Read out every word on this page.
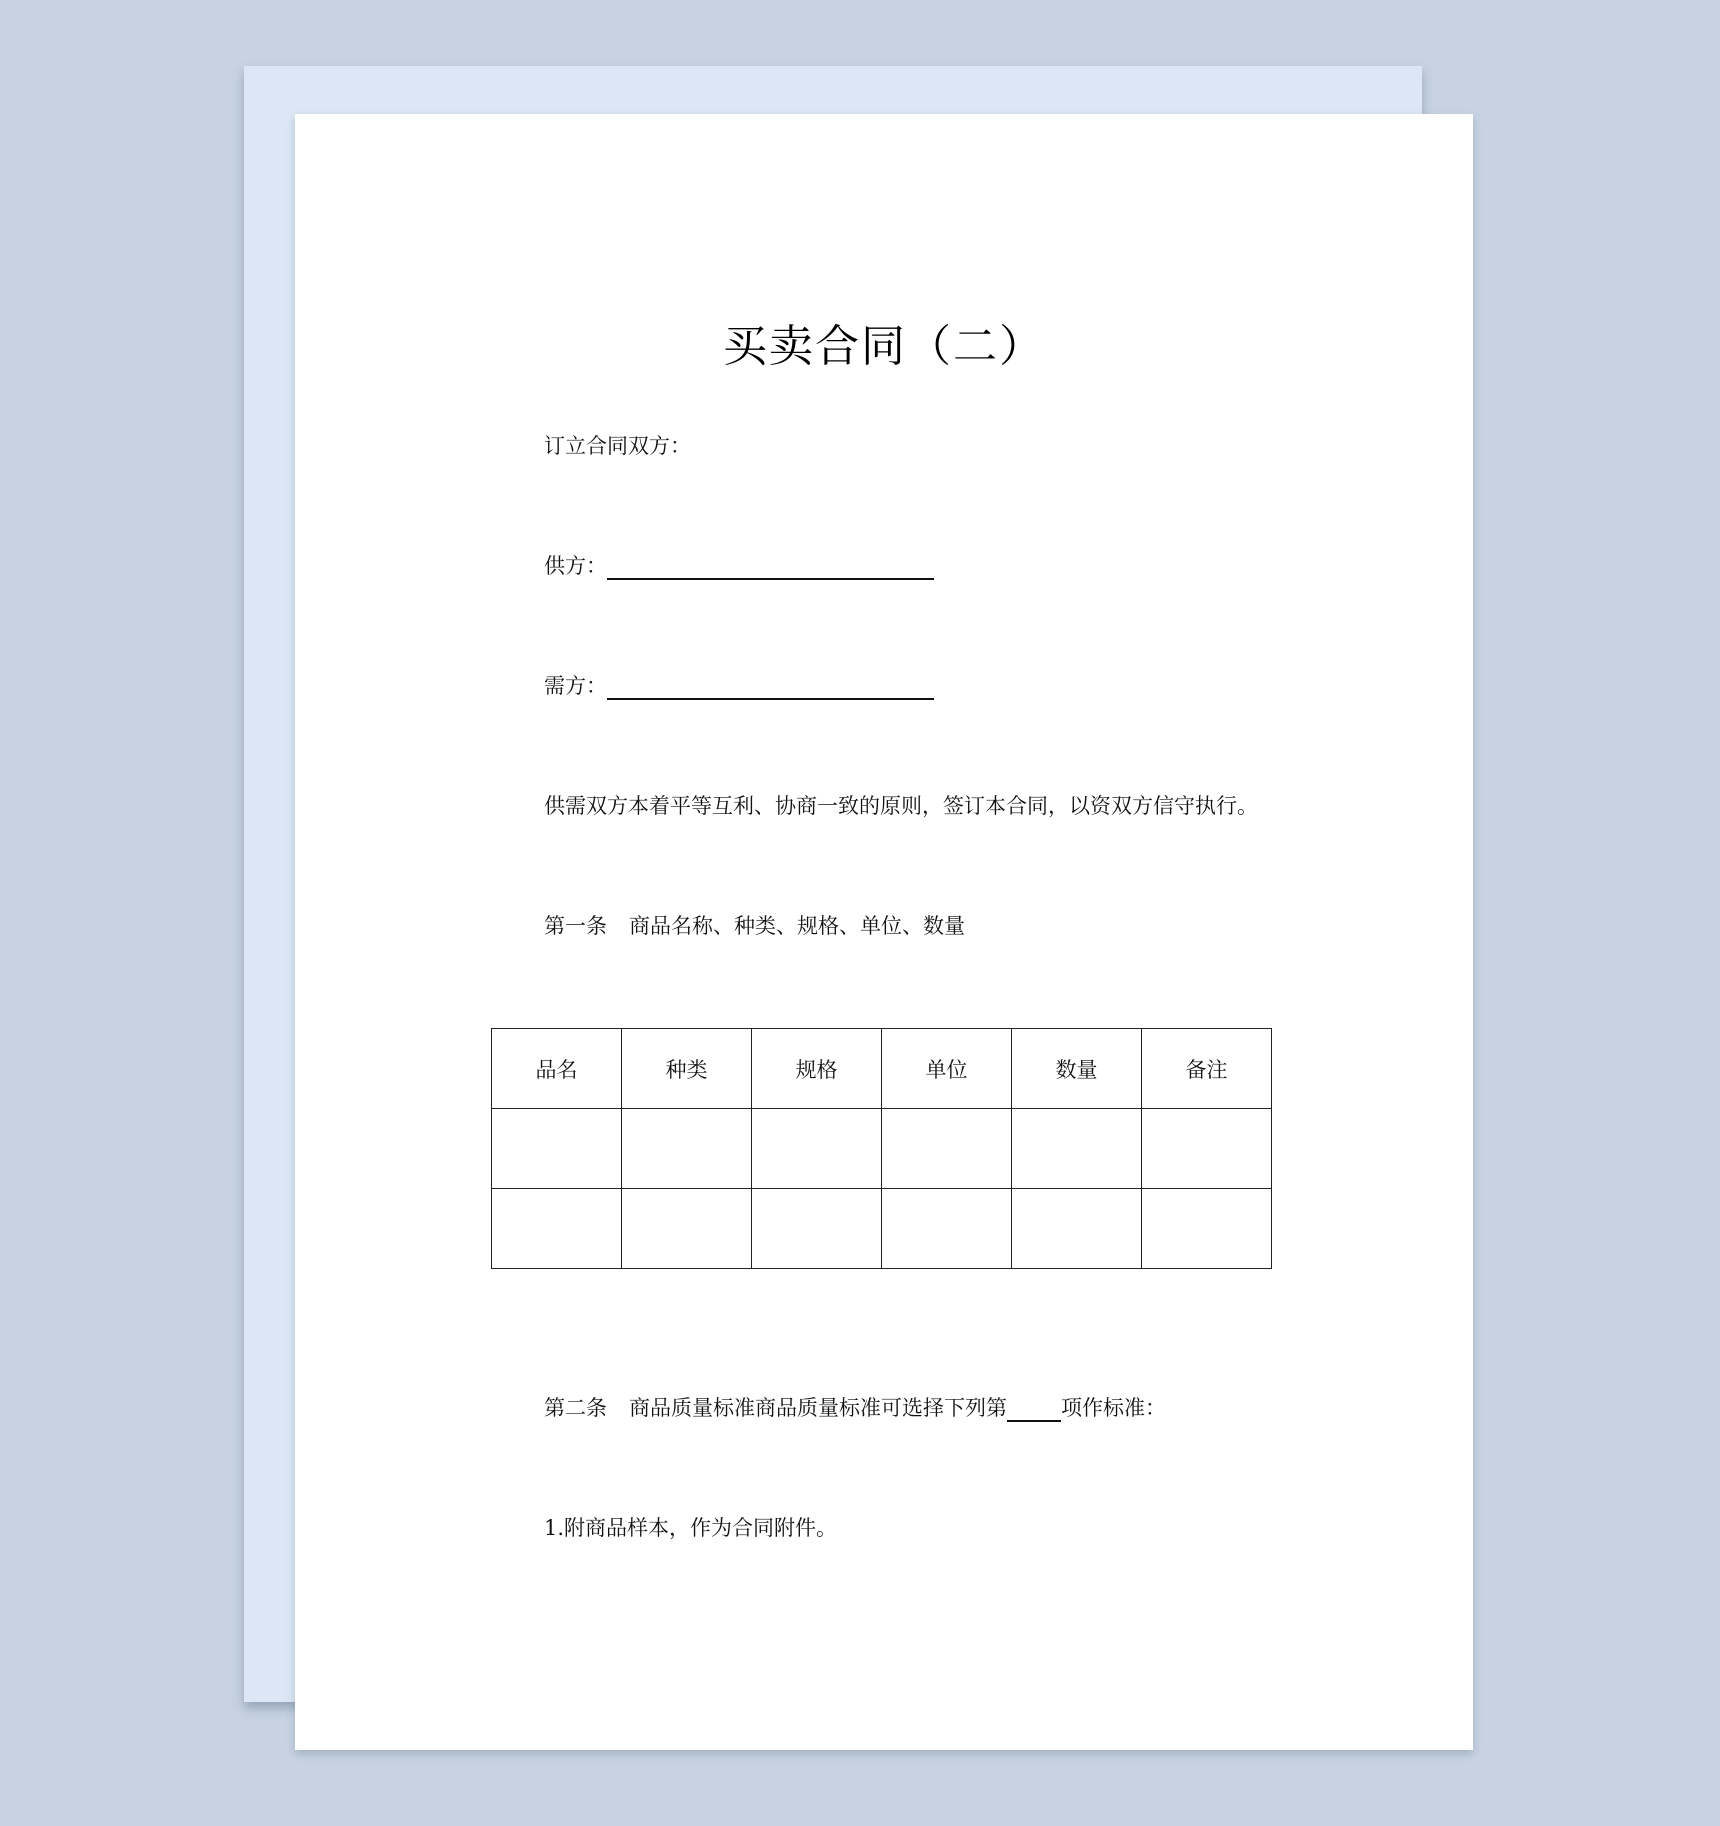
买卖合同（二）
订立合同双方：
供方：
需方：
供需双方本着平等互利、协商一致的原则，签订本合同，以资双方信守执行。
第一条 商品名称、种类、规格、单位、数量
品名	种类	规格	单位	数量	备注

第二条 商品质量标准商品质量标准可选择下列第	项作标准：
1.附商品样本，作为合同附件。
